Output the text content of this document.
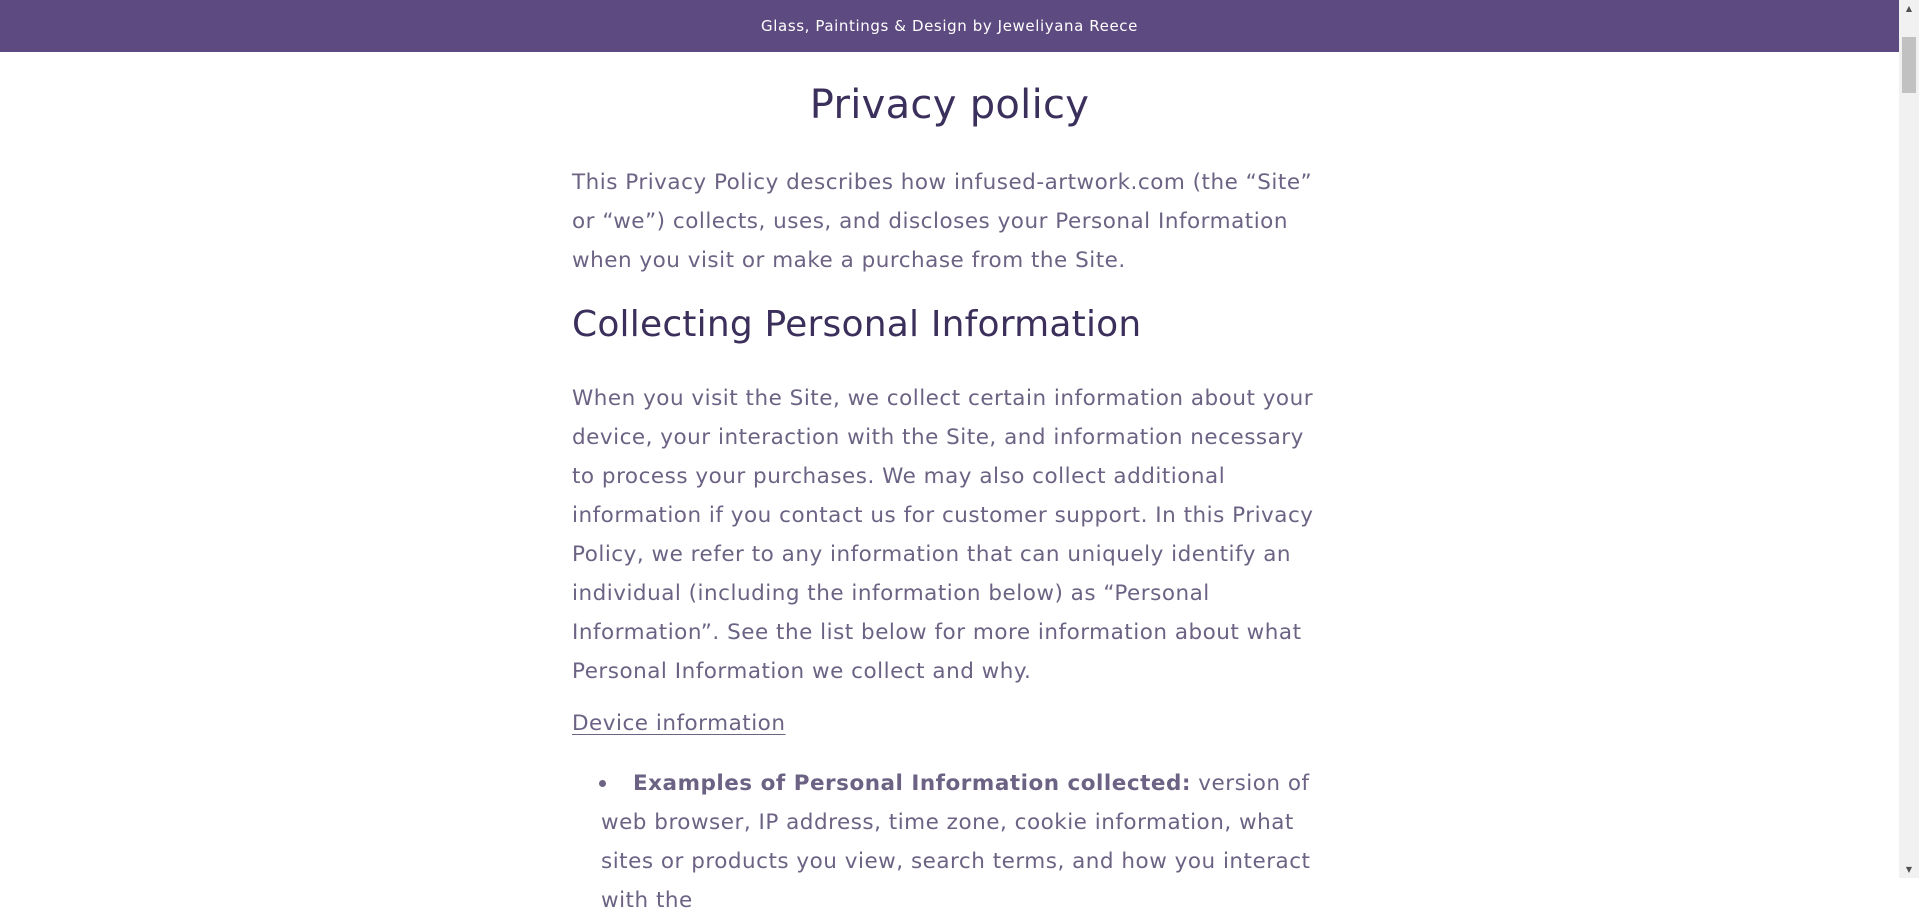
Glass, Paintings & Design by Jeweliyana Reece
Privacy policy

This Privacy Policy describes how infused-artwork.com (the “Site” or “we”) collects, uses, and discloses your Personal Information when you visit or make a purchase from the Site.

Collecting Personal Information

When you visit the Site, we collect certain information about your device, your interaction with the Site, and information necessary to process your purchases. We may also collect additional information if you contact us for customer support. In this Privacy Policy, we refer to any information that can uniquely identify an individual (including the information below) as “Personal Information”. See the list below for more information about what Personal Information we collect and why.

Device information
Examples of Personal Information collected: version of web browser, IP address, time zone, cookie information, what sites or products you view, search terms, and how you interact with the
▲
▼
